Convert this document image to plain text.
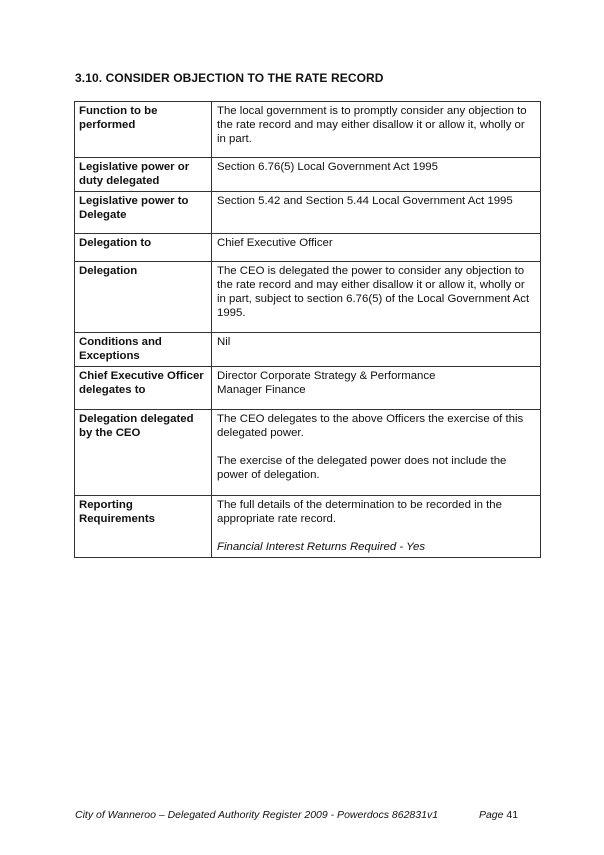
3.10. CONSIDER OBJECTION TO THE RATE RECORD
Function to be performed	The local government is to promptly consider any objection to the rate record and may either disallow it or allow it, wholly or in part.

Legislative power or duty delegated	Section 6.76(5) Local Government Act 1995

Legislative power to Delegate	Section 5.42 and Section 5.44 Local Government Act 1995

Delegation to	Chief Executive Officer

Delegation	The CEO is delegated the power to consider any objection to the rate record and may either disallow it or allow it, wholly or in part, subject to section 6.76(5) of the Local Government Act 1995.

Conditions and Exceptions	Nil

Chief Executive Officer delegates to	Director Corporate Strategy & Performance

Manager Finance

Delegation delegated by the CEO	The CEO delegates to the above Officers the exercise of this delegated power.

The exercise of the delegated power does not include the power of delegation.

Reporting Requirements	The full details of the determination to be recorded in the appropriate rate record.

Financial Interest Returns Required - Yes

City of Wanneroo – Delegated Authority Register 2009 - Powerdocs 862831v1	Page 41
